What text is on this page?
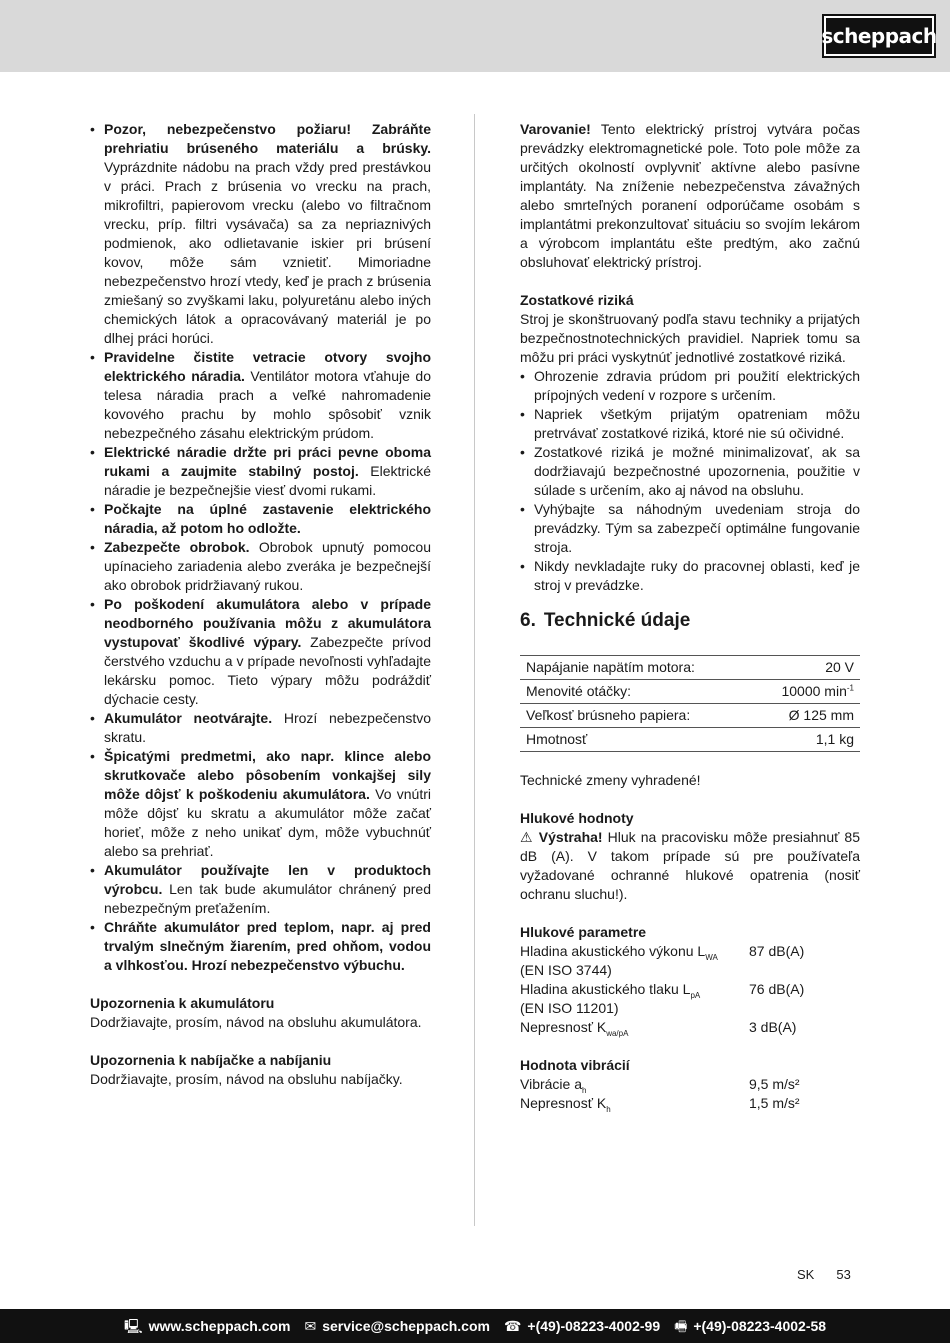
scheppach
• Pozor, nebezpečenstvo požiaru! Zabráňte prehriatiu brúseného materiálu a brúsky. Vyprázdnite nádobu na prach vždy pred prestávkou v práci. Prach z brúsenia vo vrecku na prach, mikrofiltri, papierovom vrecku (alebo vo filtračnom vrecku, príp. filtri vysávača) sa za nepriaznivých podmienok, ako odlietavanie iskier pri brúsení kovov, môže sám vznietiť. Mimoriadne nebezpečenstvo hrozí vtedy, keď je prach z brúsenia zmiešaný so zvyškami laku, polyuretánu alebo iných chemických látok a opracovávaný materiál je po dlhej práci horúci.
• Pravidelne čistite vetracie otvory svojho elektrického náradia. Ventilátor motora vťahuje do telesa náradia prach a veľké nahromadenie kovového prachu by mohlo spôsobiť vznik nebezpečného zásahu elektrickým prúdom.
• Elektrické náradie držte pri práci pevne oboma rukami a zaujmite stabilný postoj. Elektrické náradie je bezpečnejšie viesť dvomi rukami.
• Počkajte na úplné zastavenie elektrického náradia, až potom ho odložte.
• Zabezpečte obrobok. Obrobok upnutý pomocou upínacieho zariadenia alebo zveráka je bezpečnejší ako obrobok pridržiavaný rukou.
• Po poškodení akumulátora alebo v prípade neodborného používania môžu z akumulátora vystupovať škodlivé výpary. Zabezpečte prívod čerstvého vzduchu a v prípade nevoľnosti vyhľadajte lekársku pomoc. Tieto výpary môžu podráždiť dýchacie cesty.
• Akumulátor neotvárajte. Hrozí nebezpečenstvo skratu.
• Špicatými predmetmi, ako napr. klince alebo skrutkovače alebo pôsobením vonkajšej sily môže dôjsť k poškodeniu akumulátora. Vo vnútri môže dôjsť ku skratu a akumulátor môže začať horieť, môže z neho unikať dym, môže vybuchnúť alebo sa prehriať.
• Akumulátor používajte len v produktoch výrobcu. Len tak bude akumulátor chránený pred nebezpečným preťažením.
• Chráňte akumulátor pred teplom, napr. aj pred trvalým slnečným žiarením, pred ohňom, vodou a vlhkosťou. Hrozí nebezpečenstvo výbuchu.
Upozornenia k akumulátoru
Dodržiavajte, prosím, návod na obsluhu akumulátora.
Upozornenia k nabíjačke a nabíjaniu
Dodržiavajte, prosím, návod na obsluhu nabíjačky.
Varovanie! Tento elektrický prístroj vytvára počas prevádzky elektromagnetické pole. Toto pole môže za určitých okolností ovplyvniť aktívne alebo pasívne implantáty. Na zníženie nebezpečenstva závažných alebo smrteľných poranení odporúčame osobám s implantátmi prekonzultovať situáciu so svojím lekárom a výrobcom implantátu ešte predtým, ako začnú obsluhovať elektrický prístroj.
Zostatkové riziká
Stroj je skonštruovaný podľa stavu techniky a prijatých bezpečnostnotechnických pravidiel. Napriek tomu sa môžu pri práci vyskytnúť jednotlivé zostatkové riziká.
• Ohrozenie zdravia prúdom pri použití elektrických prípojných vedení v rozpore s určením.
• Napriek všetkým prijatým opatreniam môžu pretrvávať zostatkové riziká, ktoré nie sú očividné.
• Zostatkové riziká je možné minimalizovať, ak sa dodržiavajú bezpečnostné upozornenia, použitie v súlade s určením, ako aj návod na obsluhu.
• Vyhýbajte sa náhodným uvedeniam stroja do prevádzky. Tým sa zabezpečí optimálne fungovanie stroja.
• Nikdy nevkladajte ruky do pracovnej oblasti, keď je stroj v prevádzke.
6. Technické údaje
Napájanie napätím motora:	20 V
Menovité otáčky:	10000 $\min^{-1}$
Veľkosť brúsneho papiera:	Ø 125 mm
Hmotnosť	1,1 kg
Technické zmeny vyhradené!
Hlukové hodnoty
⚠ Výstraha! Hluk na pracovisku môže presiahnuť 85 dB (A). V takom prípade sú pre používateľa vyžadované ochranné hlukové opatrenia (nosiť ochranu sluchu!).
Hlukové parametre
Hladina akustického výkonu $L_{WA}$	87 dB(A)
(EN ISO 3744)
Hladina akustického tlaku $L_{pA}$	76 dB(A)
(EN ISO 11201)
Nepresnosť $K_{wa/pA}$	3 dB(A)
Hodnota vibrácií
Vibrácie $a_h$	9,5 m/s²
Nepresnosť $K_h$	1,5 m/s²
SK 53
🖳 www.scheppach.com ✉ service@scheppach.com ☎ +(49)-08223-4002-99 🖷 +(49)-08223-4002-58
